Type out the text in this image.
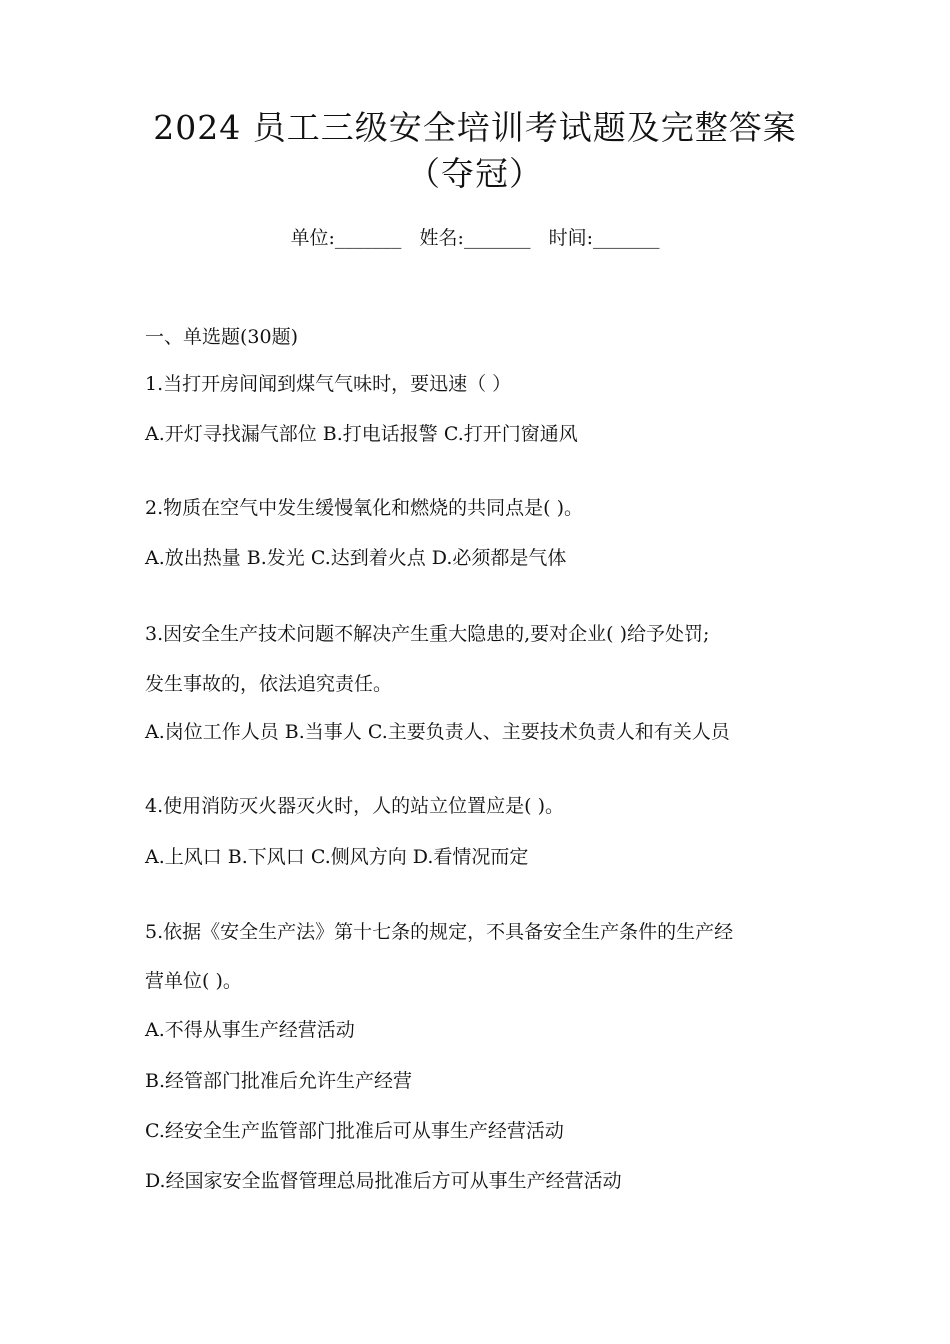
2024 员工三级安全培训考试题及完整答案
（夺冠）
单位:_______ 姓名:_______ 时间:_______
一、单选题(30题)
1.当打开房间闻到煤气气味时，要迅速（ ）
A.开灯寻找漏气部位 B.打电话报警 C.打开门窗通风
2.物质在空气中发生缓慢氧化和燃烧的共同点是( )。
A.放出热量 B.发光 C.达到着火点 D.必须都是气体
3.因安全生产技术问题不解决产生重大隐患的,要对企业( )给予处罚;
发生事故的，依法追究责任。
A.岗位工作人员 B.当事人 C.主要负责人、主要技术负责人和有关人员
4.使用消防灭火器灭火时，人的站立位置应是( )。
A.上风口 B.下风口 C.侧风方向 D.看情况而定
5.依据《安全生产法》第十七条的规定，不具备安全生产条件的生产经
营单位( )。
A.不得从事生产经营活动
B.经管部门批准后允许生产经营
C.经安全生产监管部门批准后可从事生产经营活动
D.经国家安全监督管理总局批准后方可从事生产经营活动
